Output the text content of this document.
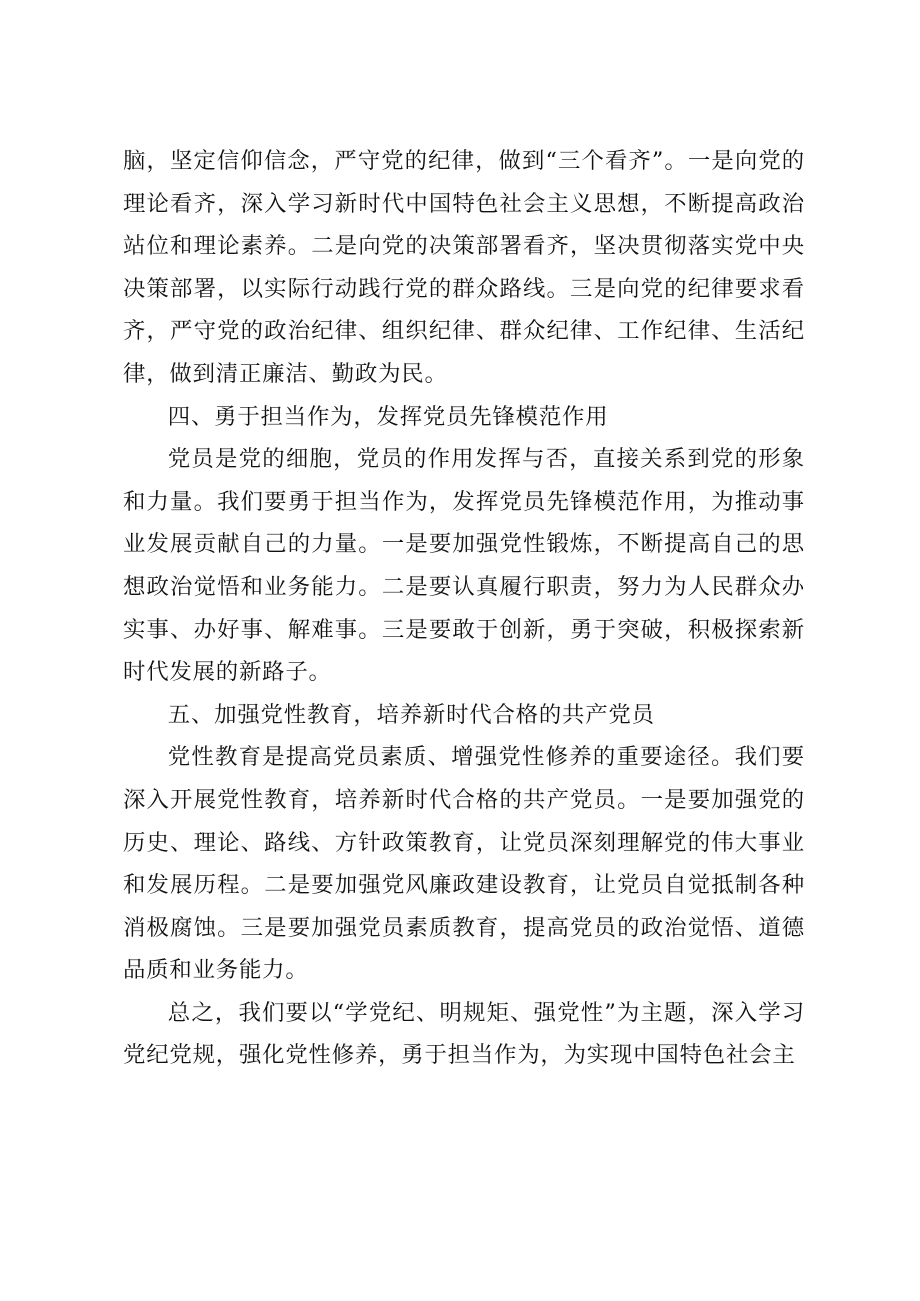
脑，坚定信仰信念，严守党的纪律，做到“三个看齐”。一是向党的理论看齐，深入学习新时代中国特色社会主义思想，不断提高政治站位和理论素养。二是向党的决策部署看齐，坚决贯彻落实党中央决策部署，以实际行动践行党的群众路线。三是向党的纪律要求看齐，严守党的政治纪律、组织纪律、群众纪律、工作纪律、生活纪律，做到清正廉洁、勤政为民。

四、勇于担当作为，发挥党员先锋模范作用

党员是党的细胞，党员的作用发挥与否，直接关系到党的形象和力量。我们要勇于担当作为，发挥党员先锋模范作用，为推动事业发展贡献自己的力量。一是要加强党性锻炼，不断提高自己的思想政治觉悟和业务能力。二是要认真履行职责，努力为人民群众办实事、办好事、解难事。三是要敢于创新，勇于突破，积极探索新时代发展的新路子。

五、加强党性教育，培养新时代合格的共产党员

党性教育是提高党员素质、增强党性修养的重要途径。我们要深入开展党性教育，培养新时代合格的共产党员。一是要加强党的历史、理论、路线、方针政策教育，让党员深刻理解党的伟大事业和发展历程。二是要加强党风廉政建设教育，让党员自觉抵制各种消极腐蚀。三是要加强党员素质教育，提高党员的政治觉悟、道德品质和业务能力。

总之，我们要以“学党纪、明规矩、强党性”为主题，深入学习党纪党规，强化党性修养，勇于担当作为，为实现中国特色社会主
